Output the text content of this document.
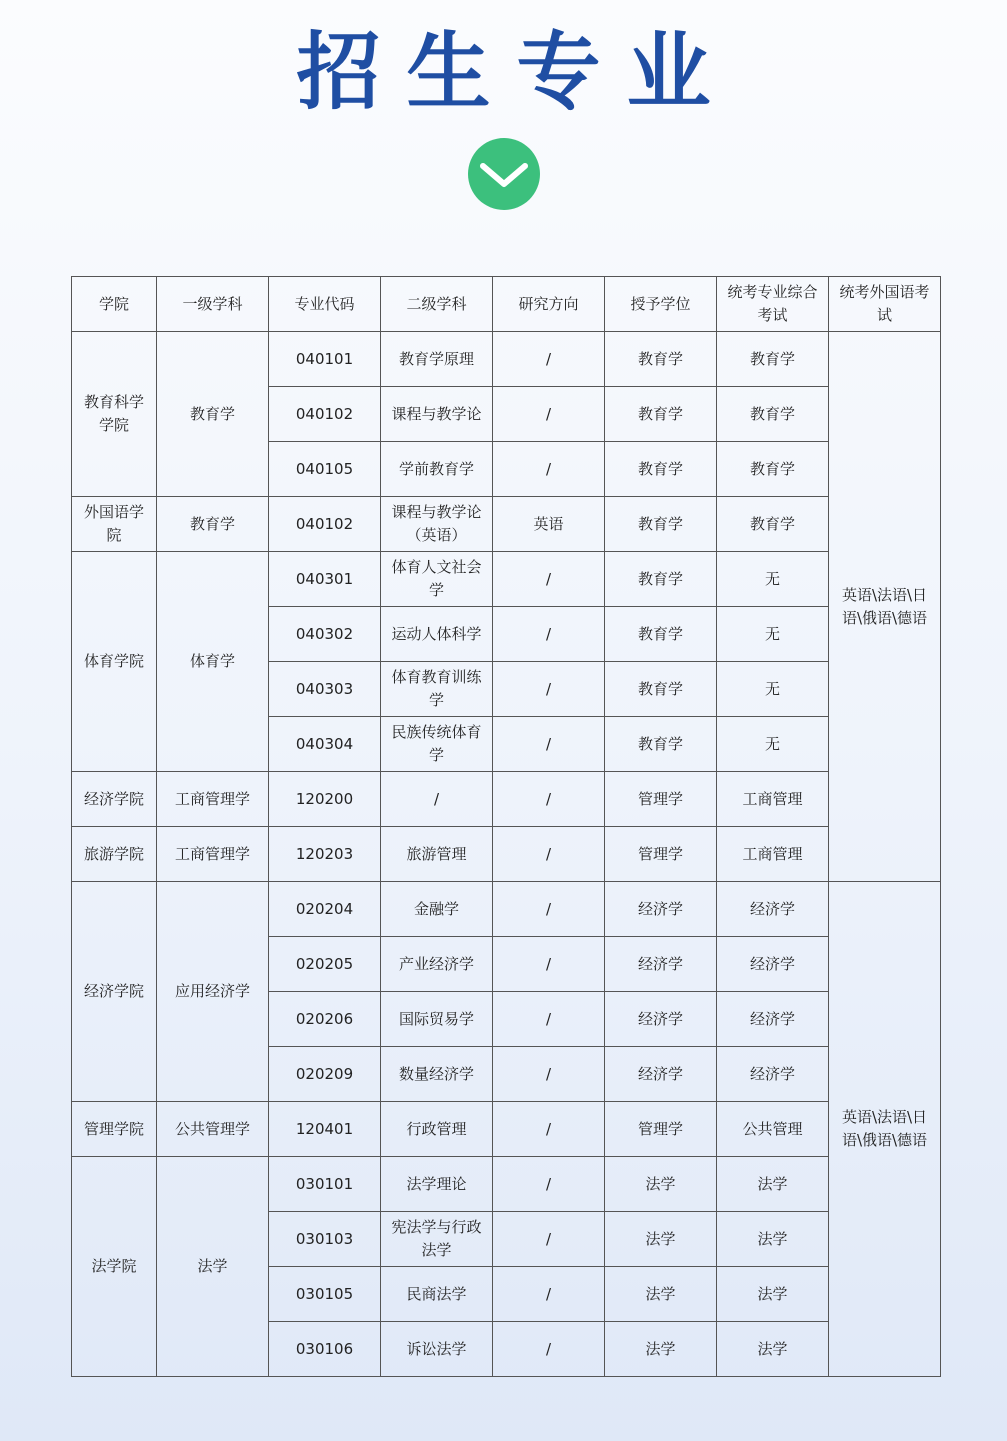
招生专业
学院	一级学科	专业代码	二级学科	研究方向	授予学位	统考专业综合考试	统考外国语考试
教育科学学院	教育学	040101	教育学原理	/	教育学	教育学	英语\法语\日语\俄语\德语
		040102	课程与教学论	/	教育学	教育学	
		040105	学前教育学	/	教育学	教育学	
外国语学院	教育学	040102	课程与教学论（英语）	英语	教育学	教育学	
体育学院	体育学	040301	体育人文社会学	/	教育学	无	
		040302	运动人体科学	/	教育学	无	
		040303	体育教育训练学	/	教育学	无	
		040304	民族传统体育学	/	教育学	无	
经济学院	工商管理学	120200	/	/	管理学	工商管理	
旅游学院	工商管理学	120203	旅游管理	/	管理学	工商管理	
经济学院	应用经济学	020204	金融学	/	经济学	经济学	英语\法语\日语\俄语\德语
		020205	产业经济学	/	经济学	经济学	
		020206	国际贸易学	/	经济学	经济学	
		020209	数量经济学	/	经济学	经济学	
管理学院	公共管理学	120401	行政管理	/	管理学	公共管理	
法学院	法学	030101	法学理论	/	法学	法学	
		030103	宪法学与行政法学	/	法学	法学	
		030105	民商法学	/	法学	法学	
		030106	诉讼法学	/	法学	法学	
